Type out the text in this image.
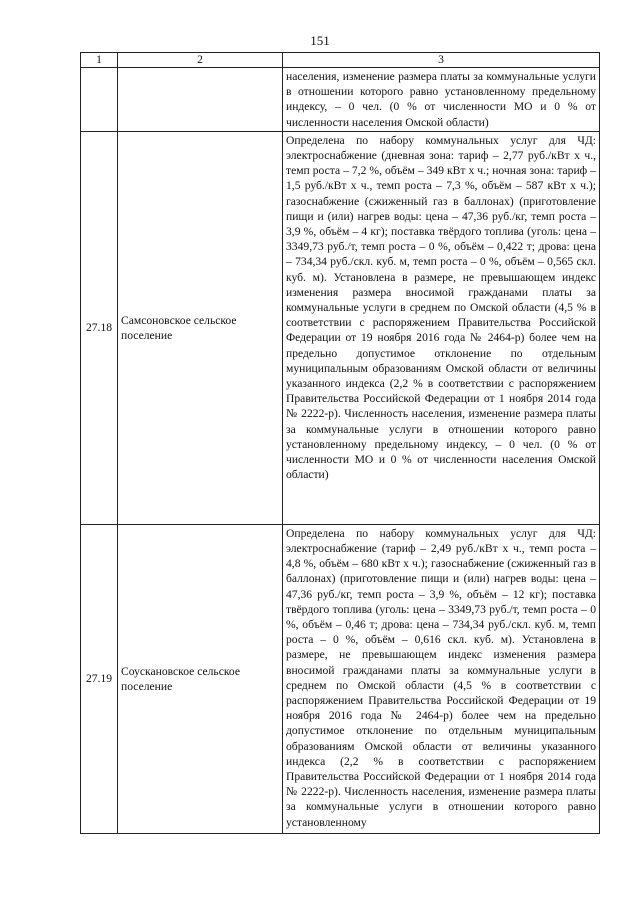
151
1	2	3
		населения, изменение размера платы за коммунальные услуги в отношении которого равно установленному предельному индексу, – 0 чел. (0 % от численности МО и 0 % от численности населения Омской области)
27.18	Самсоновское сельское поселение	Определена по набору коммунальных услуг для ЧД: электроснабжение (дневная зона: тариф – 2,77 руб./кВт х ч., темп роста – 7,2 %, объём – 349 кВт х ч.; ночная зона: тариф – 1,5 руб./кВт х ч., темп роста – 7,3 %, объём – 587 кВт х ч.); газоснабжение (сжиженный газ в баллонах) (приготовление пищи и (или) нагрев воды: цена – 47,36 руб./кг, темп роста – 3,9 %, объём – 4 кг); поставка твёрдого топлива (уголь: цена – 3349,73 руб./т, темп роста – 0 %, объём – 0,422 т; дрова: цена – 734,34 руб./скл. куб. м, темп роста – 0 %, объём – 0,565 скл. куб. м). Установлена в размере, не превышающем индекс изменения размера вносимой гражданами платы за коммунальные услуги в среднем по Омской области (4,5 % в соответствии с распоряжением Правительства Российской Федерации от 19 ноября 2016 года № 2464-р) более чем на предельно допустимое отклонение по отдельным муниципальным образованиям Омской области от величины указанного индекса (2,2 % в соответствии с распоряжением Правительства Российской Федерации от 1 ноября 2014 года № 2222-р). Численность населения, изменение размера платы за коммунальные услуги в отношении которого равно установленному предельному индексу, – 0 чел. (0 % от численности МО и 0 % от численности населения Омской области)
27.19	Соускановское сельское поселение	Определена по набору коммунальных услуг для ЧД: электроснабжение (тариф – 2,49 руб./кВт х ч., темп роста – 4,8 %, объём – 680 кВт х ч.); газоснабжение (сжиженный газ в баллонах) (приготовление пищи и (или) нагрев воды: цена – 47,36 руб./кг, темп роста – 3,9 %, объём – 12 кг); поставка твёрдого топлива (уголь: цена – 3349,73 руб./т, темп роста – 0 %, объём – 0,46 т; дрова: цена – 734,34 руб./скл. куб. м, темп роста – 0 %, объём – 0,616 скл. куб. м). Установлена в размере, не превышающем индекс изменения размера вносимой гражданами платы за коммунальные услуги в среднем по Омской области (4,5 % в соответствии с распоряжением Правительства Российской Федерации от 19 ноября 2016 года № 2464-р) более чем на предельно допустимое отклонение по отдельным муниципальным образованиям Омской области от величины указанного индекса (2,2 % в соответствии с распоряжением Правительства Российской Федерации от 1 ноября 2014 года № 2222-р). Численность населения, изменение размера платы за коммунальные услуги в отношении которого равно установленному
